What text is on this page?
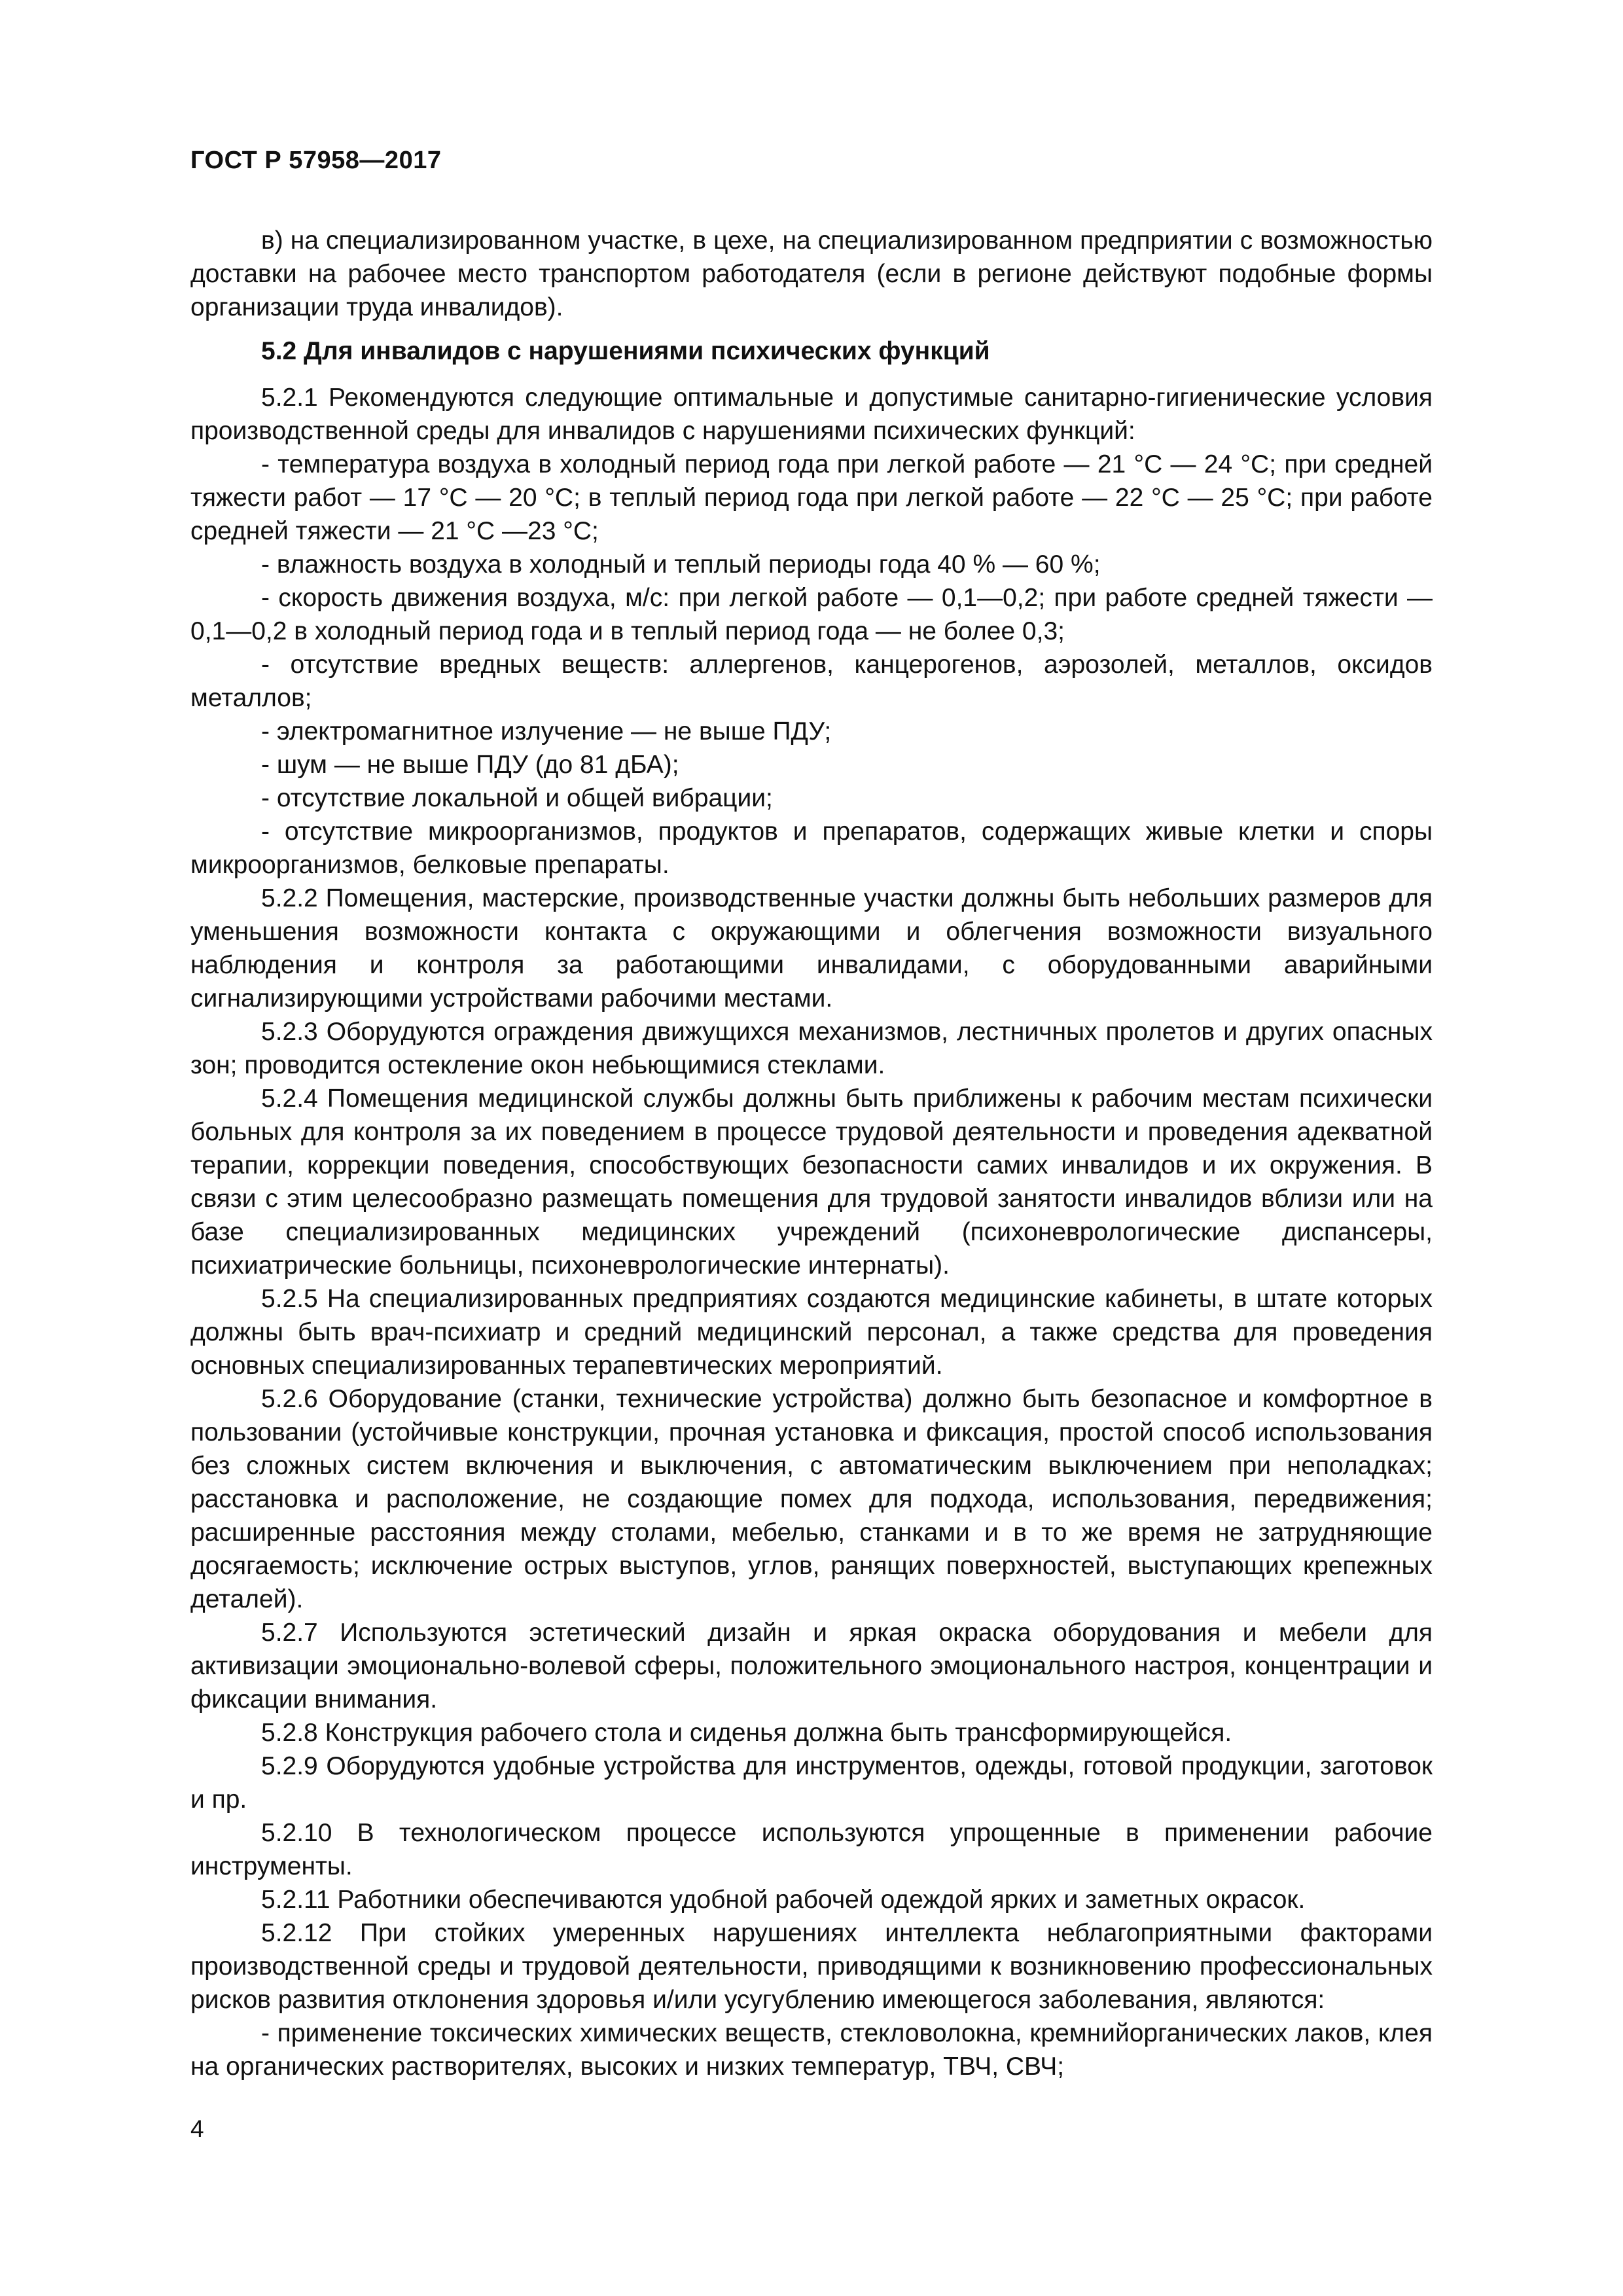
ГОСТ Р 57958—2017

в) на специализированном участке, в цехе, на специализированном предприятии с возможностью доставки на рабочее место транспортом работодателя (если в регионе действуют подобные формы организации труда инвалидов).

5.2 Для инвалидов с нарушениями психических функций

5.2.1 Рекомендуются следующие оптимальные и допустимые санитарно-гигиенические условия производственной среды для инвалидов с нарушениями психических функций:

- температура воздуха в холодный период года при легкой работе — 21 °С — 24 °С; при средней тяжести работ — 17 °С — 20 °С; в теплый период года при легкой работе — 22 °С — 25 °С; при работе средней тяжести — 21 °С —23 °С;

- влажность воздуха в холодный и теплый периоды года 40 % — 60 %;

- скорость движения воздуха, м/с: при легкой работе — 0,1—0,2; при работе средней тяжести — 0,1—0,2 в холодный период года и в теплый период года — не более 0,3;

- отсутствие вредных веществ: аллергенов, канцерогенов, аэрозолей, металлов, оксидов металлов;

- электромагнитное излучение — не выше ПДУ;

- шум — не выше ПДУ (до 81 дБА);

- отсутствие локальной и общей вибрации;

- отсутствие микроорганизмов, продуктов и препаратов, содержащих живые клетки и споры микроорганизмов, белковые препараты.

5.2.2 Помещения, мастерские, производственные участки должны быть небольших размеров для уменьшения возможности контакта с окружающими и облегчения возможности визуального наблюдения и контроля за работающими инвалидами, с оборудованными аварийными сигнализирующими устройствами рабочими местами.

5.2.3 Оборудуются ограждения движущихся механизмов, лестничных пролетов и других опасных зон; проводится остекление окон небьющимися стеклами.

5.2.4 Помещения медицинской службы должны быть приближены к рабочим местам психически больных для контроля за их поведением в процессе трудовой деятельности и проведения адекватной терапии, коррекции поведения, способствующих безопасности самих инвалидов и их окружения. В связи с этим целесообразно размещать помещения для трудовой занятости инвалидов вблизи или на базе специализированных медицинских учреждений (психоневрологические диспансеры, психиатрические больницы, психоневрологические интернаты).

5.2.5 На специализированных предприятиях создаются медицинские кабинеты, в штате которых должны быть врач-психиатр и средний медицинский персонал, а также средства для проведения основных специализированных терапевтических мероприятий.

5.2.6 Оборудование (станки, технические устройства) должно быть безопасное и комфортное в пользовании (устойчивые конструкции, прочная установка и фиксация, простой способ использования без сложных систем включения и выключения, с автоматическим выключением при неполадках; расстановка и расположение, не создающие помех для подхода, использования, передвижения; расширенные расстояния между столами, мебелью, станками и в то же время не затрудняющие досягаемость; исключение острых выступов, углов, ранящих поверхностей, выступающих крепежных деталей).

5.2.7 Используются эстетический дизайн и яркая окраска оборудования и мебели для активизации эмоционально-волевой сферы, положительного эмоционального настроя, концентрации и фиксации внимания.

5.2.8 Конструкция рабочего стола и сиденья должна быть трансформирующейся.

5.2.9 Оборудуются удобные устройства для инструментов, одежды, готовой продукции, заготовок и пр.

5.2.10 В технологическом процессе используются упрощенные в применении рабочие инструменты.

5.2.11 Работники обеспечиваются удобной рабочей одеждой ярких и заметных окрасок.

5.2.12 При стойких умеренных нарушениях интеллекта неблагоприятными факторами производственной среды и трудовой деятельности, приводящими к возникновению профессиональных рисков развития отклонения здоровья и/или усугублению имеющегося заболевания, являются:

- применение токсических химических веществ, стекловолокна, кремнийорганических лаков, клея на органических растворителях, высоких и низких температур, ТВЧ, СВЧ;

4
